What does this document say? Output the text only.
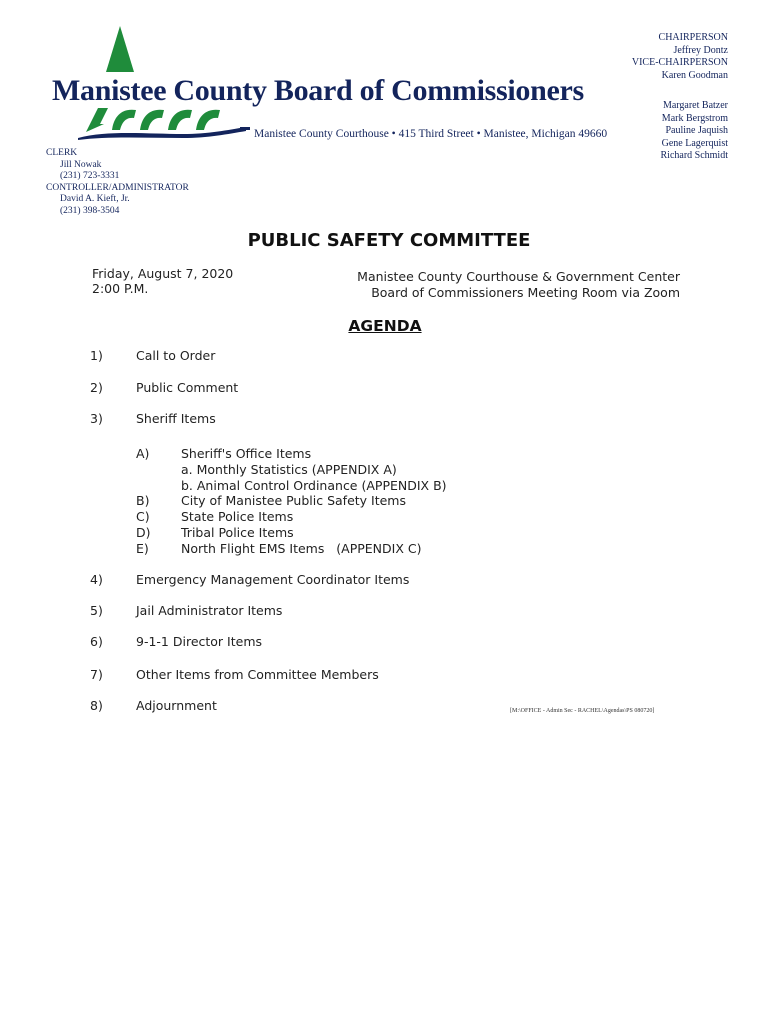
Manistee County Board of Commissioners
Manistee County Courthouse • 415 Third Street • Manistee, Michigan 49660
CHAIRPERSON
Jeffrey Dontz
VICE-CHAIRPERSON
Karen Goodman
Margaret Batzer
Mark Bergstrom
Pauline Jaquish
Gene Lagerquist
Richard Schmidt
CLERK
Jill Nowak
(231) 723-3331
CONTROLLER/ADMINISTRATOR
David A. Kieft, Jr.
(231) 398-3504
PUBLIC SAFETY COMMITTEE
Friday, August 7, 2020
2:00 P.M.
Manistee County Courthouse & Government Center
Board of Commissioners Meeting Room via Zoom
AGENDA
1)	Call to Order
2)	Public Comment
3)	Sheriff Items
A)	Sheriff's Office Items
a. Monthly Statistics (APPENDIX A)
b. Animal Control Ordinance (APPENDIX B)
B)	City of Manistee Public Safety Items
C)	State Police Items
D) Tribal Police Items
E)	North Flight EMS Items   (APPENDIX C)
4)	Emergency Management Coordinator Items
5)	Jail Administrator Items
6)	9-1-1 Director Items
7)	Other Items from Committee Members
8)	Adjournment	[M:\OFFICE - Admin Sec - RACHEL\Agendas\PS 080720]
